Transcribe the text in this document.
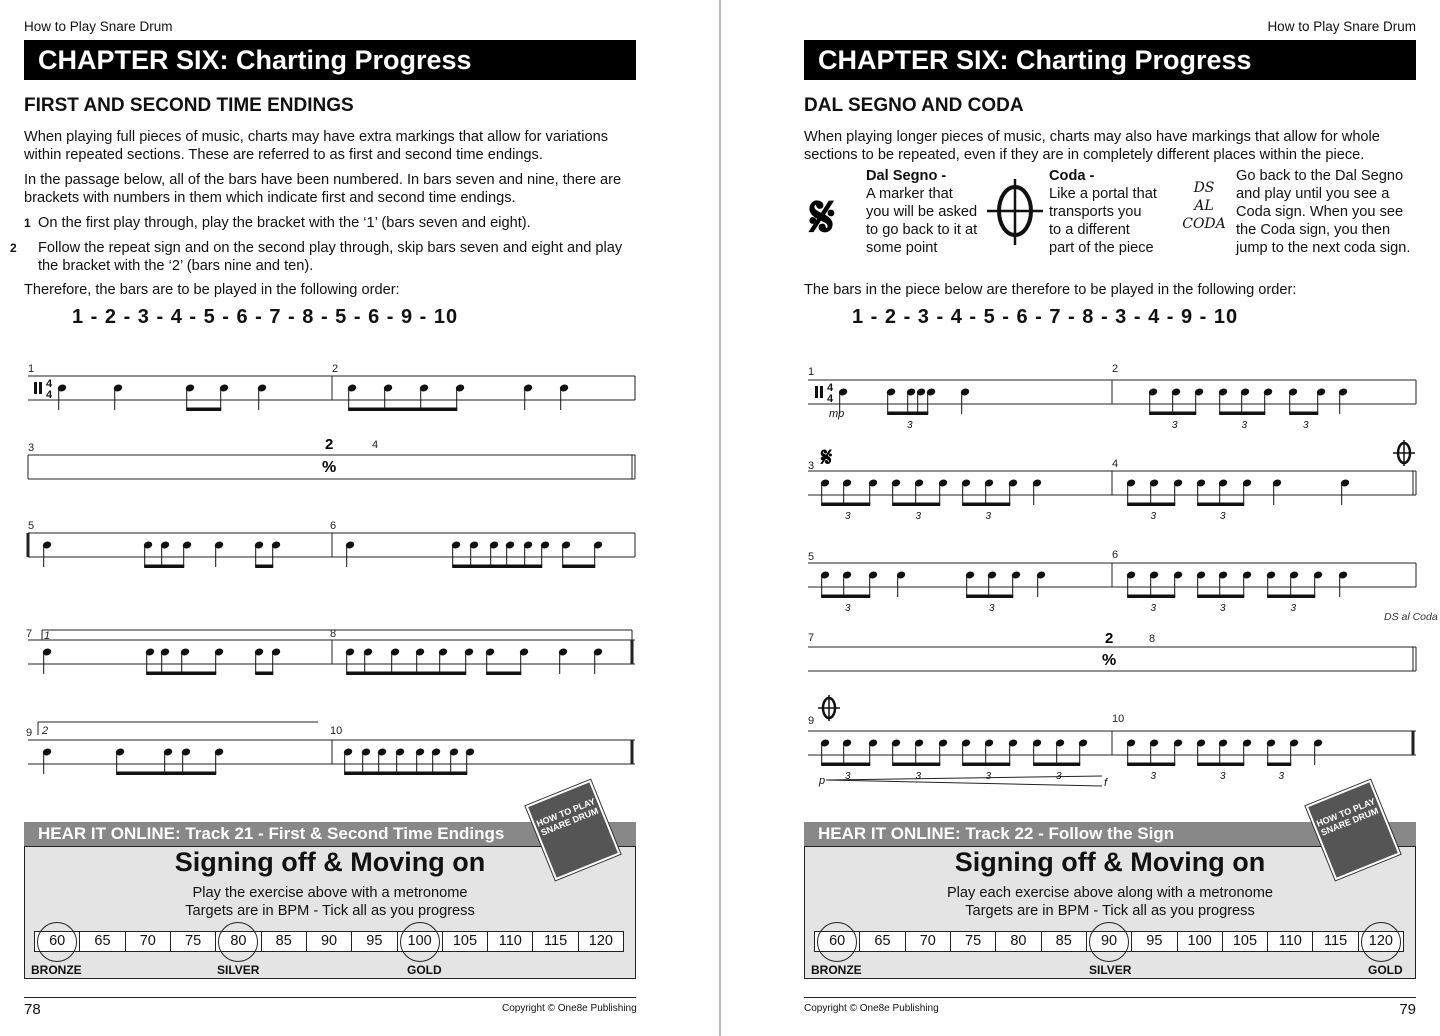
How to Play Snare Drum
CHAPTER SIX: Charting Progress
FIRST AND SECOND TIME ENDINGS

When playing full pieces of music, charts may have extra markings that allow for variations within repeated sections. These are referred to as first and second time endings.

In the passage below, all of the bars have been numbered. In bars seven and nine, there are brackets with numbers in them which indicate first and second time endings.

1 On the first play through, play the bracket with the ‘1’ (bars seven and eight).

2 Follow the repeat sign and on the second play through, skip bars seven and eight and play the bracket with the ‘2’ (bars nine and ten).

Therefore, the bars are to be played in the following order:

1 - 2 - 3 - 4 - 5 - 6 - 7 - 8 - 5 - 6 - 9 - 10
1	2
3	4
5	6
7	8
9	10
1
2
4
4
2
%
HEAR IT ONLINE: Track 21 - First & Second Time Endings
Signing off & Moving on
Play the exercise above with a metronome
Targets are in BPM - Tick all as you progress
60	65	70	75	80	85	90	95	100	105	110	115	120
BRONZE	SILVER	GOLD
HOW TO PLAY SNARE DRUM
78	Copyright © One8e Publishing
How to Play Snare Drum
CHAPTER SIX: Charting Progress
DAL SEGNO AND CODA

When playing longer pieces of music, charts may also have markings that allow for whole sections to be repeated, even if they are in completely different places within the piece.

𝄋
Dal Segno -
A marker that
you will be asked
to go back to it at
some point
Coda -
Like a portal that
transports you
to a different
part of the piece
DS
AL
CODA
Go back to the Dal Segno
and play until you see a
Coda sign. When you see
the Coda sign, you then
jump to the next coda sign.

The bars in the piece below are therefore to be played in the following order:

1 - 2 - 3 - 4 - 5 - 6 - 7 - 8 - 3 - 4 - 9 - 10
1	2
3	4
5	6
7	8
9	10
4
4
mp
p	f
2
%
𝄋
DS al Coda
3	3	3	3
3	3	3	3	3
3	3	3	3	3
3	3	3	3	3	3	3
HEAR IT ONLINE: Track 22 - Follow the Sign
Signing off & Moving on
Play each exercise above along with a metronome
Targets are in BPM - Tick all as you progress
60	65	70	75	80	85	90	95	100	105	110	115	120
BRONZE	SILVER	GOLD
HOW TO PLAY SNARE DRUM
79
Copyright © One8e Publishing
